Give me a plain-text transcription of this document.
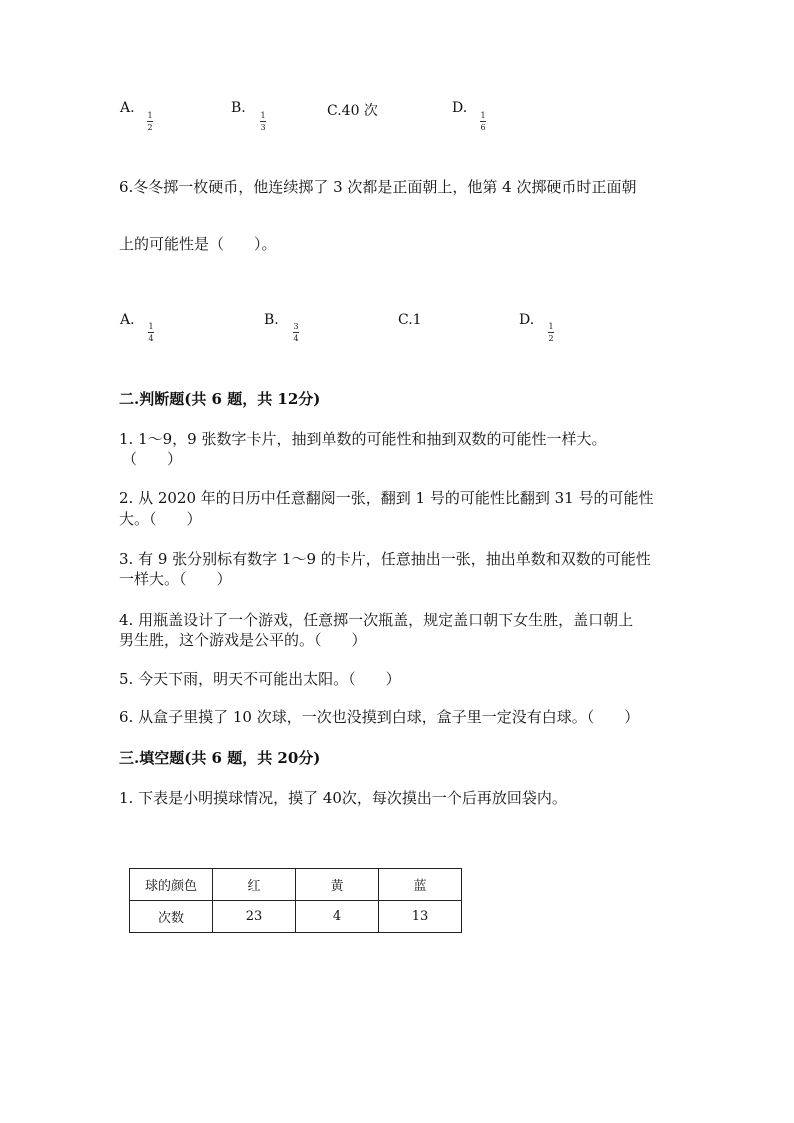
A. 1
2
B. 1
3
C.40 次	D. 1
6
6.冬冬掷一枚硬币，他连续掷了 3 次都是正面朝上，他第 4 次掷硬币时正面朝
上的可能性是（　　）。
A. 1
4
B. 3
4
C.1	D. 1
2
二.判断题(共 6 题，共 12分)
1. 1～9，9 张数字卡片，抽到单数的可能性和抽到双数的可能性一样大。
（　　）
2. 从 2020 年的日历中任意翻阅一张，翻到 1 号的可能性比翻到 31 号的可能性
大。（　　）
3. 有 9 张分别标有数字 1～9 的卡片，任意抽出一张，抽出单数和双数的可能性
一样大。（　　）
4. 用瓶盖设计了一个游戏，任意掷一次瓶盖，规定盖口朝下女生胜，盖口朝上
男生胜，这个游戏是公平的。（　　）
5. 今天下雨，明天不可能出太阳。（　　）
6. 从盒子里摸了 10 次球，一次也没摸到白球，盒子里一定没有白球。（　　）
三.填空题(共 6 题，共 20分)
1. 下表是小明摸球情况，摸了 40次，每次摸出一个后再放回袋内。
球的颜色	红	黄	蓝
次数	23	4	13
